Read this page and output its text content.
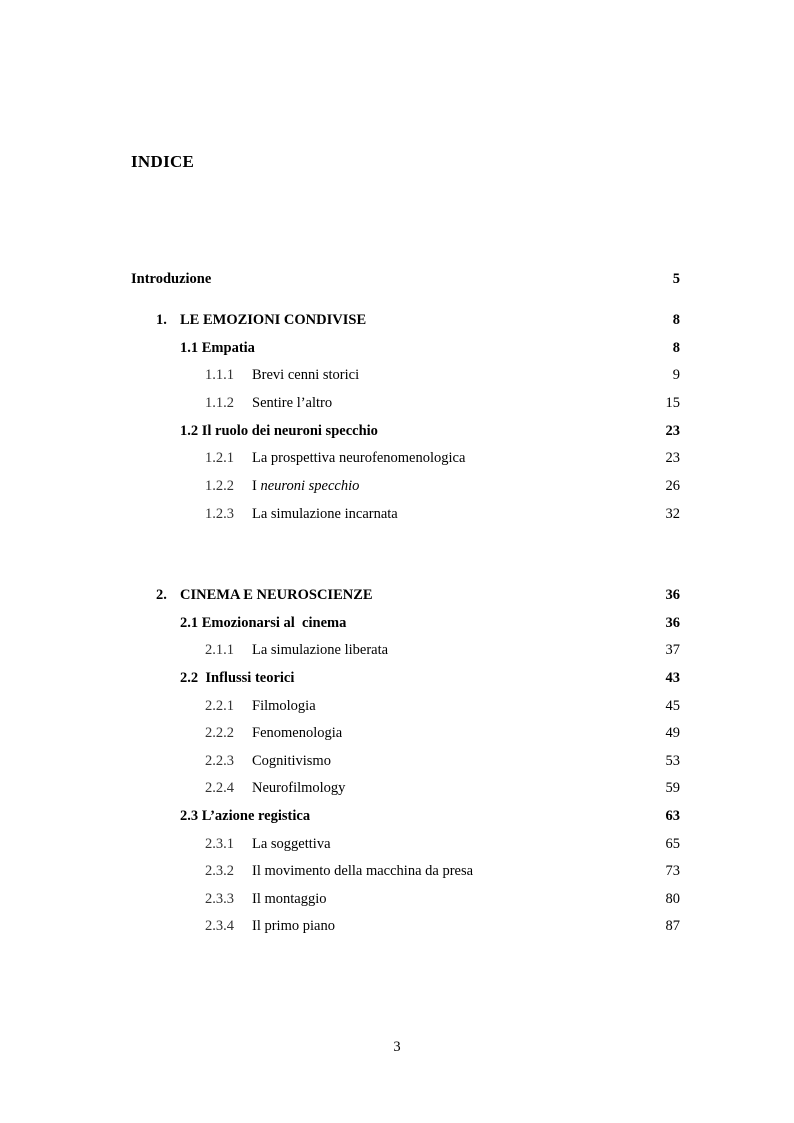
INDICE
Introduzione	5
1. LE EMOZIONI CONDIVISE	8
1.1 Empatia	8
1.1.1 Brevi cenni storici	9
1.1.2 Sentire l’altro	15
1.2 Il ruolo dei neuroni specchio	23
1.2.1 La prospettiva neurofenomenologica	23
1.2.2 I neuroni specchio	26
1.2.3 La simulazione incarnata	32
2. CINEMA E NEUROSCIENZE	36
2.1 Emozionarsi al  cinema	36
2.1.1 La simulazione liberata	37
2.2  Influssi teorici	43
2.2.1 Filmologia	45
2.2.2 Fenomenologia	49
2.2.3 Cognitivismo	53
2.2.4 Neurofilmology	59
2.3 L’azione registica	63
2.3.1 La soggettiva	65
2.3.2 Il movimento della macchina da presa	73
2.3.3 Il montaggio	80
2.3.4 Il primo piano	87
3
